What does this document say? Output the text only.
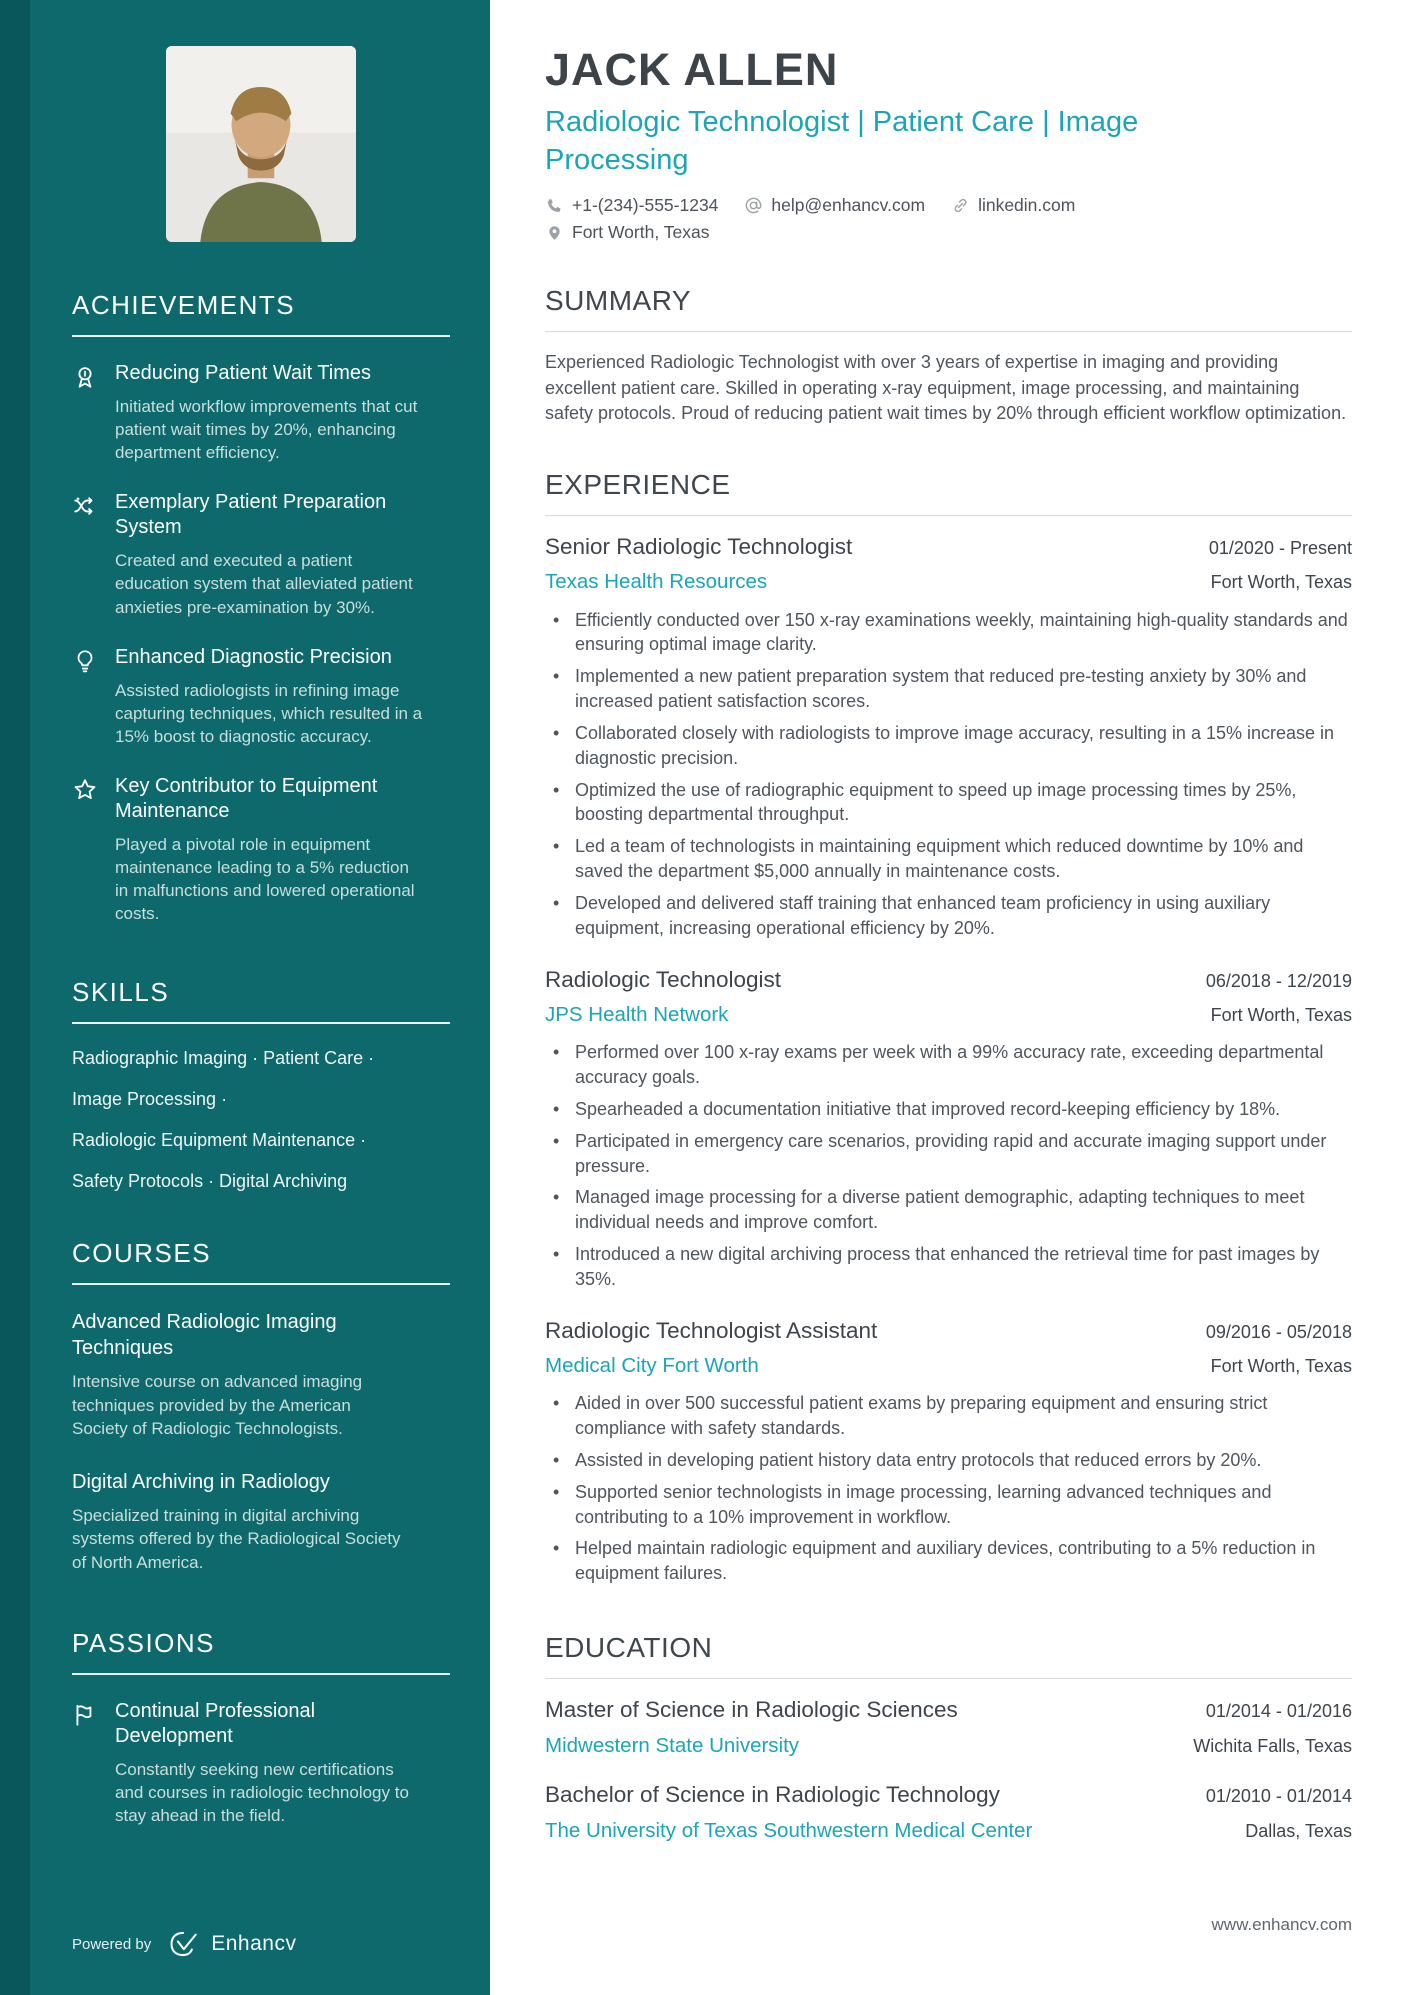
ACHIEVEMENTS
Reducing Patient Wait Times
Initiated workflow improvements that cut patient wait times by 20%, enhancing department efficiency.
Exemplary Patient Preparation System
Created and executed a patient education system that alleviated patient anxieties pre-examination by 30%.
Enhanced Diagnostic Precision
Assisted radiologists in refining image capturing techniques, which resulted in a 15% boost to diagnostic accuracy.
Key Contributor to Equipment Maintenance
Played a pivotal role in equipment maintenance leading to a 5% reduction in malfunctions and lowered operational costs.
SKILLS
Radiographic Imaging · Patient Care ·
Image Processing ·
Radiologic Equipment Maintenance ·
Safety Protocols · Digital Archiving
COURSES
Advanced Radiologic Imaging Techniques
Intensive course on advanced imaging techniques provided by the American Society of Radiologic Technologists.
Digital Archiving in Radiology
Specialized training in digital archiving systems offered by the Radiological Society of North America.
PASSIONS
Continual Professional Development
Constantly seeking new certifications and courses in radiologic technology to stay ahead in the field.
Powered by	Enhancv
JACK ALLEN
Radiologic Technologist | Patient Care | Image Processing
+1-(234)-555-1234	help@enhancv.com	linkedin.com
Fort Worth, Texas
SUMMARY

Experienced Radiologic Technologist with over 3 years of expertise in imaging and providing excellent patient care. Skilled in operating x-ray equipment, image processing, and maintaining safety protocols. Proud of reducing patient wait times by 20% through efficient workflow optimization.

EXPERIENCE
Senior Radiologic Technologist	01/2020 - Present
Texas Health Resources	Fort Worth, Texas
• Efficiently conducted over 150 x-ray examinations weekly, maintaining high-quality standards and ensuring optimal image clarity.
• Implemented a new patient preparation system that reduced pre-testing anxiety by 30% and increased patient satisfaction scores.
• Collaborated closely with radiologists to improve image accuracy, resulting in a 15% increase in diagnostic precision.
• Optimized the use of radiographic equipment to speed up image processing times by 25%, boosting departmental throughput.
• Led a team of technologists in maintaining equipment which reduced downtime by 10% and saved the department $5,000 annually in maintenance costs.
• Developed and delivered staff training that enhanced team proficiency in using auxiliary equipment, increasing operational efficiency by 20%.
Radiologic Technologist	06/2018 - 12/2019
JPS Health Network	Fort Worth, Texas
• Performed over 100 x-ray exams per week with a 99% accuracy rate, exceeding departmental accuracy goals.
• Spearheaded a documentation initiative that improved record-keeping efficiency by 18%.
• Participated in emergency care scenarios, providing rapid and accurate imaging support under pressure.
• Managed image processing for a diverse patient demographic, adapting techniques to meet individual needs and improve comfort.
• Introduced a new digital archiving process that enhanced the retrieval time for past images by 35%.
Radiologic Technologist Assistant	09/2016 - 05/2018
Medical City Fort Worth	Fort Worth, Texas
• Aided in over 500 successful patient exams by preparing equipment and ensuring strict compliance with safety standards.
• Assisted in developing patient history data entry protocols that reduced errors by 20%.
• Supported senior technologists in image processing, learning advanced techniques and contributing to a 10% improvement in workflow.
• Helped maintain radiologic equipment and auxiliary devices, contributing to a 5% reduction in equipment failures.
EDUCATION
Master of Science in Radiologic Sciences	01/2014 - 01/2016
Midwestern State University	Wichita Falls, Texas
Bachelor of Science in Radiologic Technology	01/2010 - 01/2014
The University of Texas Southwestern Medical Center	Dallas, Texas
www.enhancv.com
